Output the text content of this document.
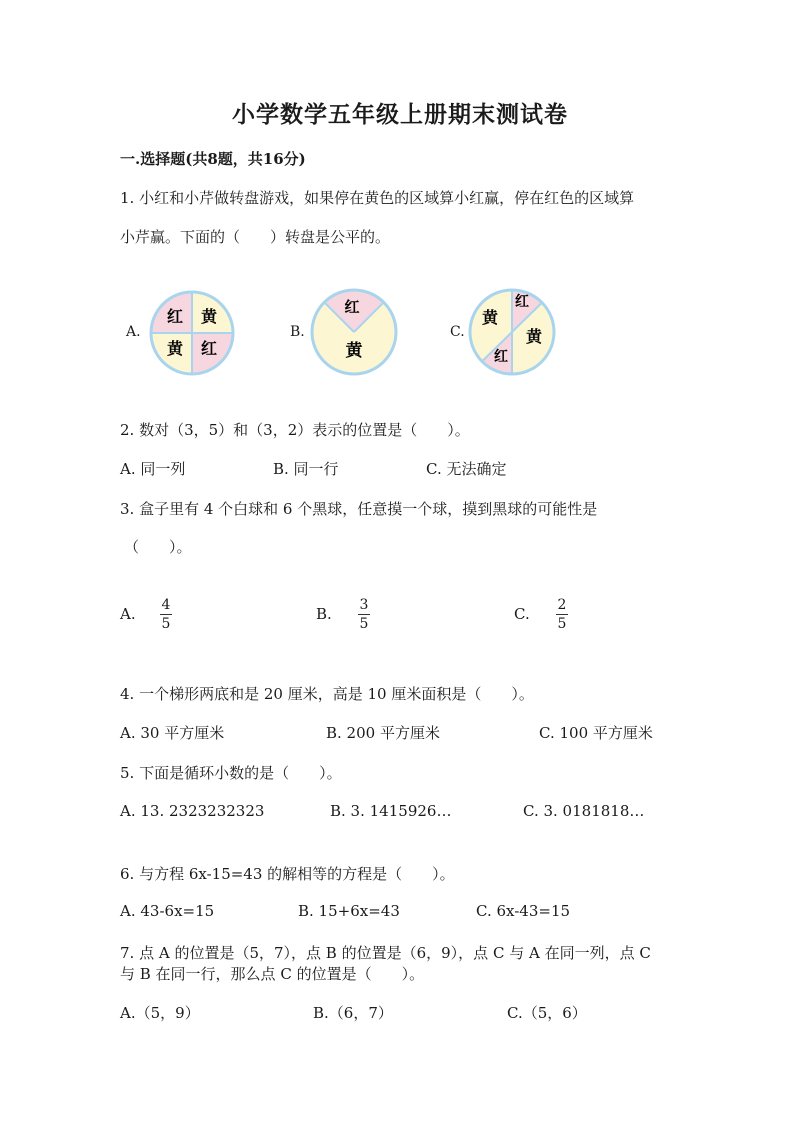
小学数学五年级上册期末测试卷
一.选择题(共8题，共16分)
1. 小红和小芹做转盘游戏，如果停在黄色的区域算小红赢，停在红色的区域算
小芹赢。下面的（　　）转盘是公平的。
A.
红 黄
黄 红
B.
红
黄
C.
红
黄
黄
红
2. 数对（3，5）和（3，2）表示的位置是（　　）。
A. 同一列	B. 同一行	C. 无法确定
3. 盒子里有 4 个白球和 6 个黑球，任意摸一个球，摸到黑球的可能性是
（　　）。
A. 4
5
B. 3
5
C. 2
5
4. 一个梯形两底和是 20 厘米，高是 10 厘米面积是（　　）。
A. 30 平方厘米	B. 200 平方厘米	C. 100 平方厘米
5. 下面是循环小数的是（　　）。
A. 13. 2323232323	B. 3. 1415926…	C. 3. 0181818…
6. 与方程 6x-15=43 的解相等的方程是（　　）。
A. 43-6x=15	B. 15+6x=43	C. 6x-43=15
7. 点 A 的位置是（5，7），点 B 的位置是（6，9），点 C 与 A 在同一列，点 C
与 B 在同一行，那么点 C 的位置是（　　）。
A.（5，9）	B.（6，7）	C.（5，6）
